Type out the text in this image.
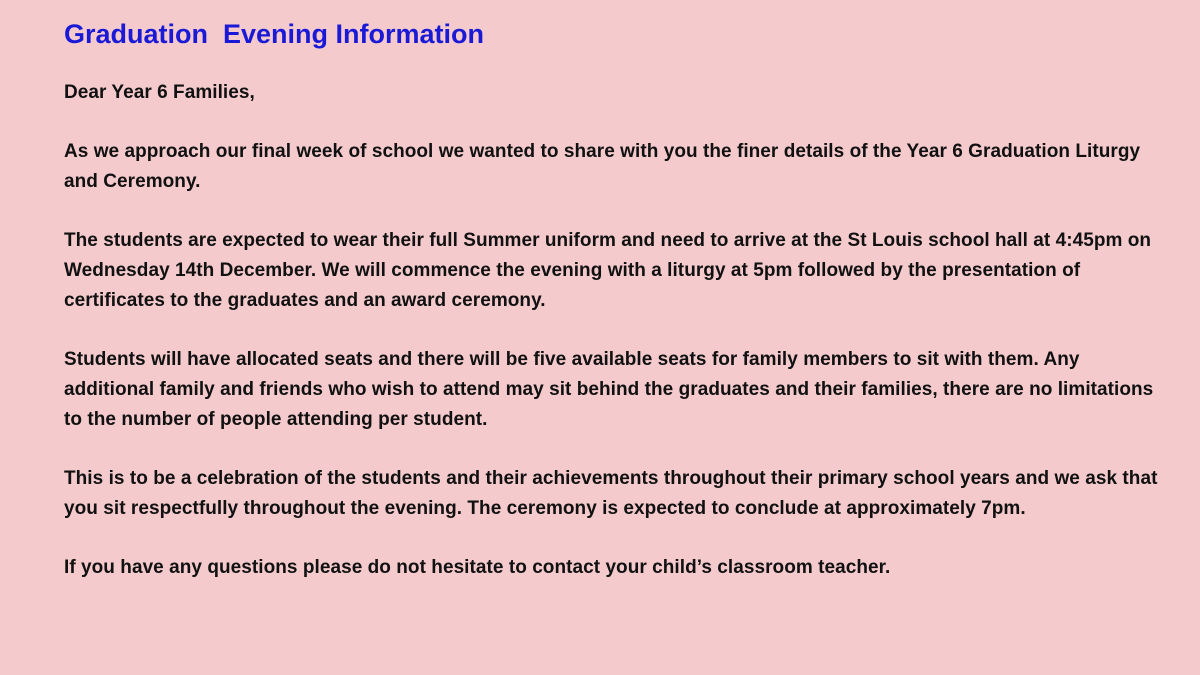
Graduation  Evening Information
Dear Year 6 Families,
As we approach our final week of school we wanted to share with you the finer details of the Year 6 Graduation Liturgy and Ceremony.
The students are expected to wear their full Summer uniform and need to arrive at the St Louis school hall at 4:45pm on Wednesday 14th December. We will commence the evening with a liturgy at 5pm followed by the presentation of certificates to the graduates and an award ceremony.
Students will have allocated seats and there will be five available seats for family members to sit with them. Any additional family and friends who wish to attend may sit behind the graduates and their families, there are no limitations to the number of people attending per student.
This is to be a celebration of the students and their achievements throughout their primary school years and we ask that you sit respectfully throughout the evening. The ceremony is expected to conclude at approximately 7pm.
If you have any questions please do not hesitate to contact your child’s classroom teacher.
